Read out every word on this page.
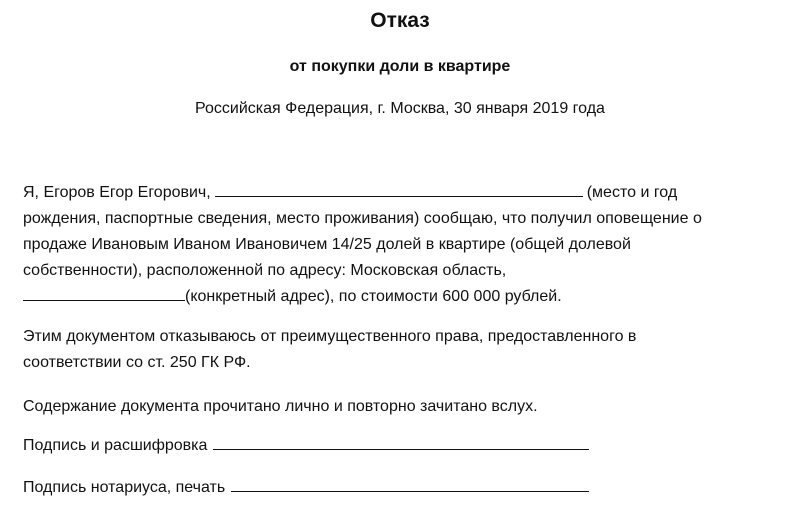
Отказ
от покупки доли в квартире
Российская Федерация, г. Москва, 30 января 2019 года
Я, Егоров Егор Егорович,	(место и год
рождения, паспортные сведения, место проживания) сообщаю, что получил оповещение о
продаже Ивановым Иваном Ивановичем 14/25 долей в квартире (общей долевой
собственности), расположенной по адресу: Московская область,
(конкретный адрес), по стоимости 600 000 рублей.
Этим документом отказываюсь от преимущественного права, предоставленного в
соответствии со ст. 250 ГК РФ.
Содержание документа прочитано лично и повторно зачитано вслух.
Подпись и расшифровка
Подпись нотариуса, печать
